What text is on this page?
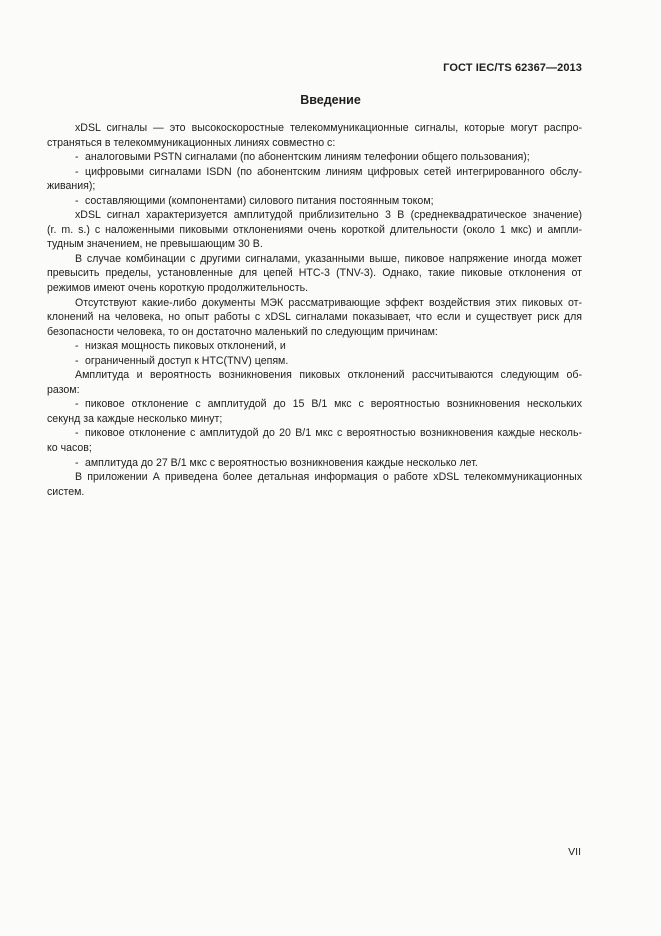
ГОСТ IEC/TS 62367—2013
Введение
xDSL сигналы — это высокоскоростные телекоммуникационные сигналы, которые могут распро-
страняться в телекоммуникационных линиях совместно с:
- аналоговыми PSTN сигналами (по абонентским линиям телефонии общего пользования);
- цифровыми сигналами ISDN (по абонентским линиям цифровых сетей интегрированного обслу-
живания);
- составляющими (компонентами) силового питания постоянным током;
xDSL сигнал характеризуется амплитудой приблизительно 3 В (среднеквадратическое значение)
(r. m. s.) с наложенными пиковыми отклонениями очень короткой длительности (около 1 мкс) и ампли-
тудным значением, не превышающим 30 В.
В случае комбинации с другими сигналами, указанными выше, пиковое напряжение иногда может
превысить пределы, установленные для цепей НТС-3 (TNV-3). Однако, такие пиковые отклонения от
режимов имеют очень короткую продолжительность.
Отсутствуют какие-либо документы МЭК рассматривающие эффект воздействия этих пиковых от-
клонений на человека, но опыт работы с xDSL сигналами показывает, что если и существует риск для
безопасности человека, то он достаточно маленький по следующим причинам:
- низкая мощность пиковых отклонений, и
- ограниченный доступ к НТС(TNV) цепям.
Амплитуда и вероятность возникновения пиковых отклонений рассчитываются следующим об-
разом:
- пиковое отклонение с амплитудой до 15 В/1 мкс с вероятностью возникновения нескольких
секунд за каждые несколько минут;
- пиковое отклонение с амплитудой до 20 В/1 мкс с вероятностью возникновения каждые несколь-
ко часов;
- амплитуда до 27 В/1 мкс с вероятностью возникновения каждые несколько лет.
В приложении А приведена более детальная информация о работе xDSL телекоммуникационных
систем.
VII
